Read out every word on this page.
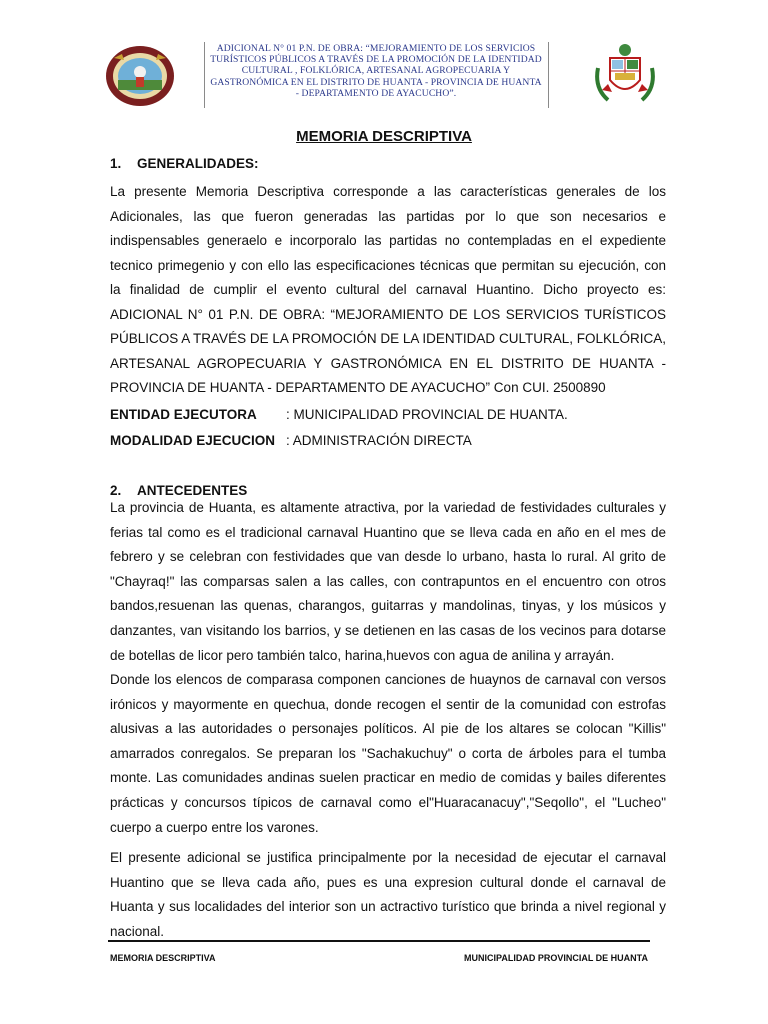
ADICIONAL N° 01 P.N. DE OBRA: “MEJORAMIENTO DE LOS SERVICIOS TURÍSTICOS PÚBLICOS A TRAVÉS DE LA PROMOCIÓN DE LA IDENTIDAD CULTURAL , FOLKLÓRICA, ARTESANAL AGROPECUARIA Y GASTRONÓMICA EN EL DISTRITO DE HUANTA - PROVINCIA DE HUANTA - DEPARTAMENTO DE AYACUCHO”.
MEMORIA DESCRIPTIVA
1. GENERALIDADES:
La presente Memoria Descriptiva corresponde a las características generales de los Adicionales, las que fueron generadas las partidas por lo que son necesarios e indispensables generaelo e incorporalo las partidas no contempladas en el expediente tecnico primegenio y con ello las especificaciones técnicas que permitan su ejecución, con la finalidad de cumplir el evento cultural del carnaval Huantino. Dicho proyecto es: ADICIONAL N° 01 P.N. DE OBRA: “MEJORAMIENTO DE LOS SERVICIOS TURÍSTICOS PÚBLICOS A TRAVÉS DE LA PROMOCIÓN DE LA IDENTIDAD CULTURAL, FOLKLÓRICA, ARTESANAL AGROPECUARIA Y GASTRONÓMICA EN EL DISTRITO DE HUANTA - PROVINCIA DE HUANTA - DEPARTAMENTO DE AYACUCHO” Con CUI. 2500890
ENTIDAD EJECUTORA : MUNICIPALIDAD PROVINCIAL DE HUANTA.
MODALIDAD EJECUCION : ADMINISTRACIÓN DIRECTA
2. ANTECEDENTES
La provincia de Huanta, es altamente atractiva, por la variedad de festividades culturales y ferias tal como es el tradicional carnaval Huantino que se lleva cada en año en el mes de febrero y se celebran con festividades que van desde lo urbano, hasta lo rural. Al grito de "Chayraq!" las comparsas salen a las calles, con contrapuntos en el encuentro con otros bandos,resuenan las quenas, charangos, guitarras y mandolinas, tinyas, y los músicos y danzantes, van visitando los barrios, y se detienen en las casas de los vecinos para dotarse de botellas de licor pero también talco, harina,huevos con agua de anilina y arrayán.
Donde los elencos de comparasa componen canciones de huaynos de carnaval con versos irónicos y mayormente en quechua, donde recogen el sentir de la comunidad con estrofas alusivas a las autoridades o personajes políticos. Al pie de los altares se colocan "Killis" amarrados conregalos. Se preparan los "Sachakuchuy" o corta de árboles para el tumba monte. Las comunidades andinas suelen practicar en medio de comidas y bailes diferentes prácticas y concursos típicos de carnaval como el"Huaracanacuy","Seqollo", el "Lucheo" cuerpo a cuerpo entre los varones.
El presente adicional se justifica principalmente por la necesidad de ejecutar el carnaval Huantino que se lleva cada año, pues es una expresion cultural donde el carnaval de Huanta y sus localidades del interior son un actractivo turístico que brinda a nivel regional y nacional.
MEMORIA DESCRIPTIVA	MUNICIPALIDAD PROVINCIAL DE HUANTA
